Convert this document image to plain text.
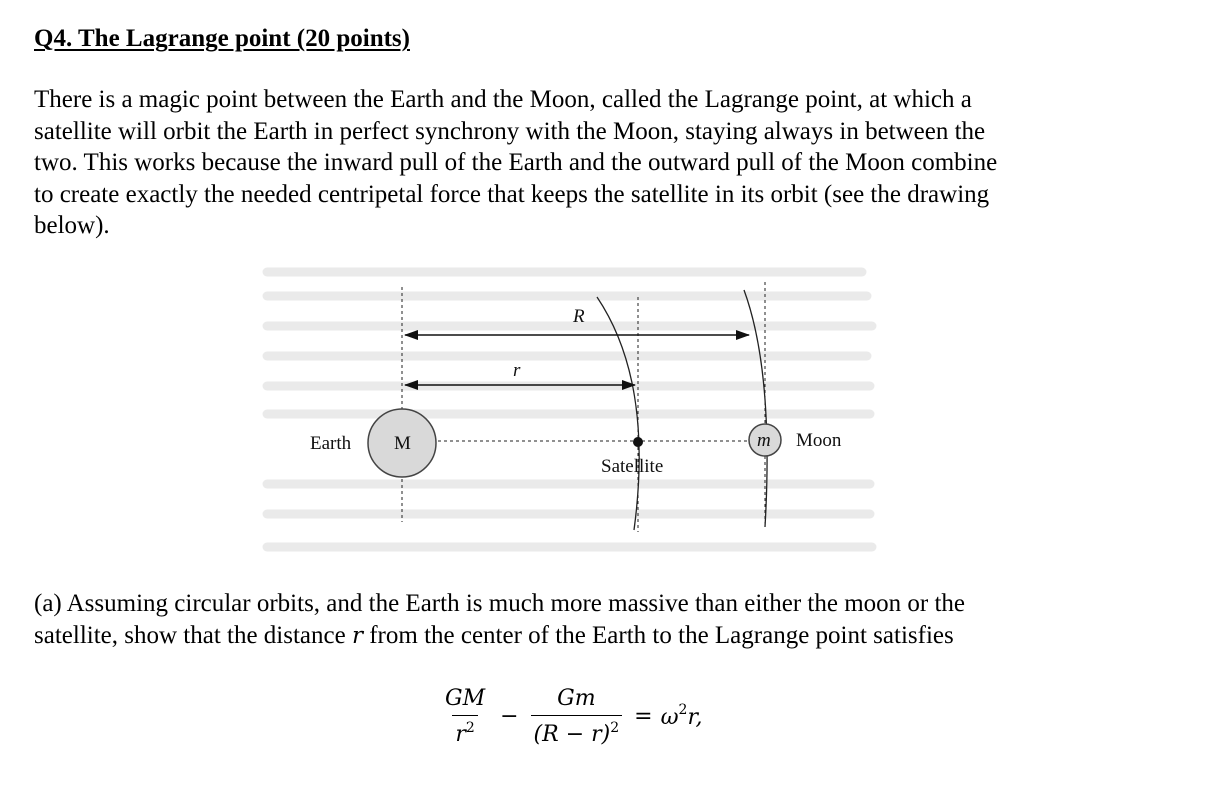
Q4. The Lagrange point (20 points)
There is a magic point between the Earth and the Moon, called the Lagrange point, at which a
satellite will orbit the Earth in perfect synchrony with the Moon, staying always in between the
two. This works because the inward pull of the Earth and the outward pull of the Moon combine
to create exactly the needed centripetal force that keeps the satellite in its orbit (see the drawing
below).
R
r
Earth M
Satellite
m Moon
(a) Assuming circular orbits, and the Earth is much more massive than either the moon or the
satellite, show that the distance r from the center of the Earth to the Lagrange point satisfies
$\frac{GM}{r^2} - \frac{Gm}{(R - r)^2} = \omega^2r$,
